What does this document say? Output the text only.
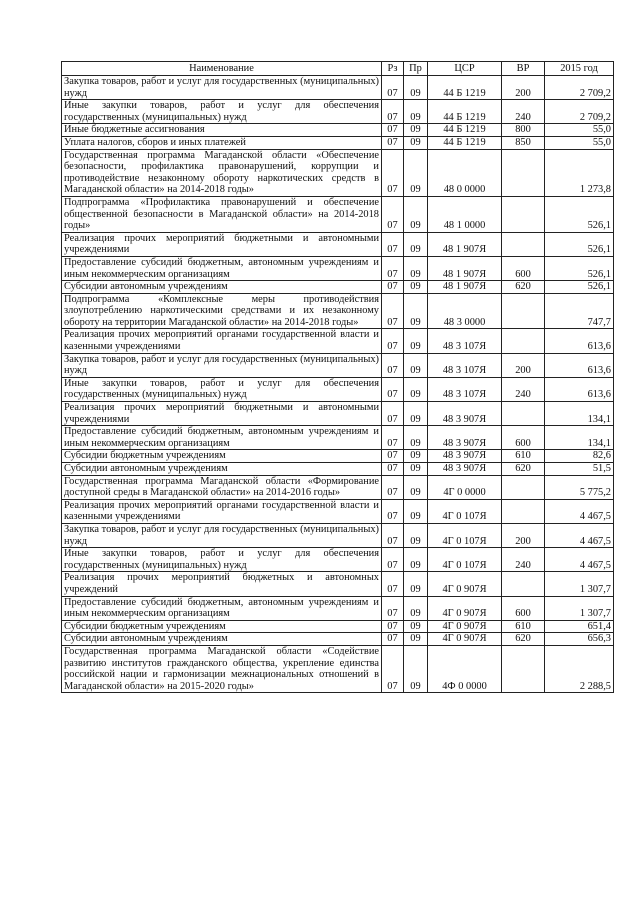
Наименование	Рз	Пр	ЦСР	ВР	2015 год
Закупка товаров, работ и услуг для государственных (муниципальных) нужд	07	09	44 Б 1219	200	2 709,2
Иные закупки товаров, работ и услуг для обеспечения государственных (муниципальных) нужд	07	09	44 Б 1219	240	2 709,2
Иные бюджетные ассигнования	07	09	44 Б 1219	800	55,0
Уплата налогов, сборов и иных платежей	07	09	44 Б 1219	850	55,0
Государственная программа Магаданской области «Обеспечение безопасности, профилактика правонарушений, коррупции и противодействие незаконному обороту наркотических средств в Магаданской области» на 2014-2018 годы»	07	09	48 0 0000		1 273,8
Подпрограмма «Профилактика правонарушений и обеспечение общественной безопасности в Магаданской области» на 2014-2018 годы»	07	09	48 1 0000		526,1
Реализация прочих мероприятий бюджетными и автономными учреждениями	07	09	48 1 907Я		526,1
Предоставление субсидий бюджетным, автономным учреждениям и иным некоммерческим организациям	07	09	48 1 907Я	600	526,1
Субсидии автономным учреждениям	07	09	48 1 907Я	620	526,1
Подпрограмма «Комплексные меры противодействия злоупотреблению наркотическими средствами и их незаконному обороту на территории Магаданской области» на 2014-2018 годы»	07	09	48 3 0000		747,7
Реализация прочих мероприятий органами государственной власти и казенными учреждениями	07	09	48 3 107Я		613,6
Закупка товаров, работ и услуг для государственных (муниципальных) нужд	07	09	48 3 107Я	200	613,6
Иные закупки товаров, работ и услуг для обеспечения государственных (муниципальных) нужд	07	09	48 3 107Я	240	613,6
Реализация прочих мероприятий бюджетными и автономными учреждениями	07	09	48 3 907Я		134,1
Предоставление субсидий бюджетным, автономным учреждениям и иным некоммерческим организациям	07	09	48 3 907Я	600	134,1
Субсидии бюджетным учреждениям	07	09	48 3 907Я	610	82,6
Субсидии автономным учреждениям	07	09	48 3 907Я	620	51,5
Государственная программа Магаданской области «Формирование доступной среды в Магаданской области» на 2014-2016 годы»	07	09	4Г 0 0000		5 775,2
Реализация прочих мероприятий органами государственной власти и казенными учреждениями	07	09	4Г 0 107Я		4 467,5
Закупка товаров, работ и услуг для государственных (муниципальных) нужд	07	09	4Г 0 107Я	200	4 467,5
Иные закупки товаров, работ и услуг для обеспечения государственных (муниципальных) нужд	07	09	4Г 0 107Я	240	4 467,5
Реализация прочих мероприятий бюджетных и автономных учреждений	07	09	4Г 0 907Я		1 307,7
Предоставление субсидий бюджетным, автономным учреждениям и иным некоммерческим организациям	07	09	4Г 0 907Я	600	1 307,7
Субсидии бюджетным учреждениям	07	09	4Г 0 907Я	610	651,4
Субсидии автономным учреждениям	07	09	4Г 0 907Я	620	656,3
Государственная программа Магаданской области «Содействие развитию институтов гражданского общества, укрепление единства российской нации и гармонизации межнациональных отношений в Магаданской области» на 2015-2020 годы»	07	09	4Ф 0 0000		2 288,5
